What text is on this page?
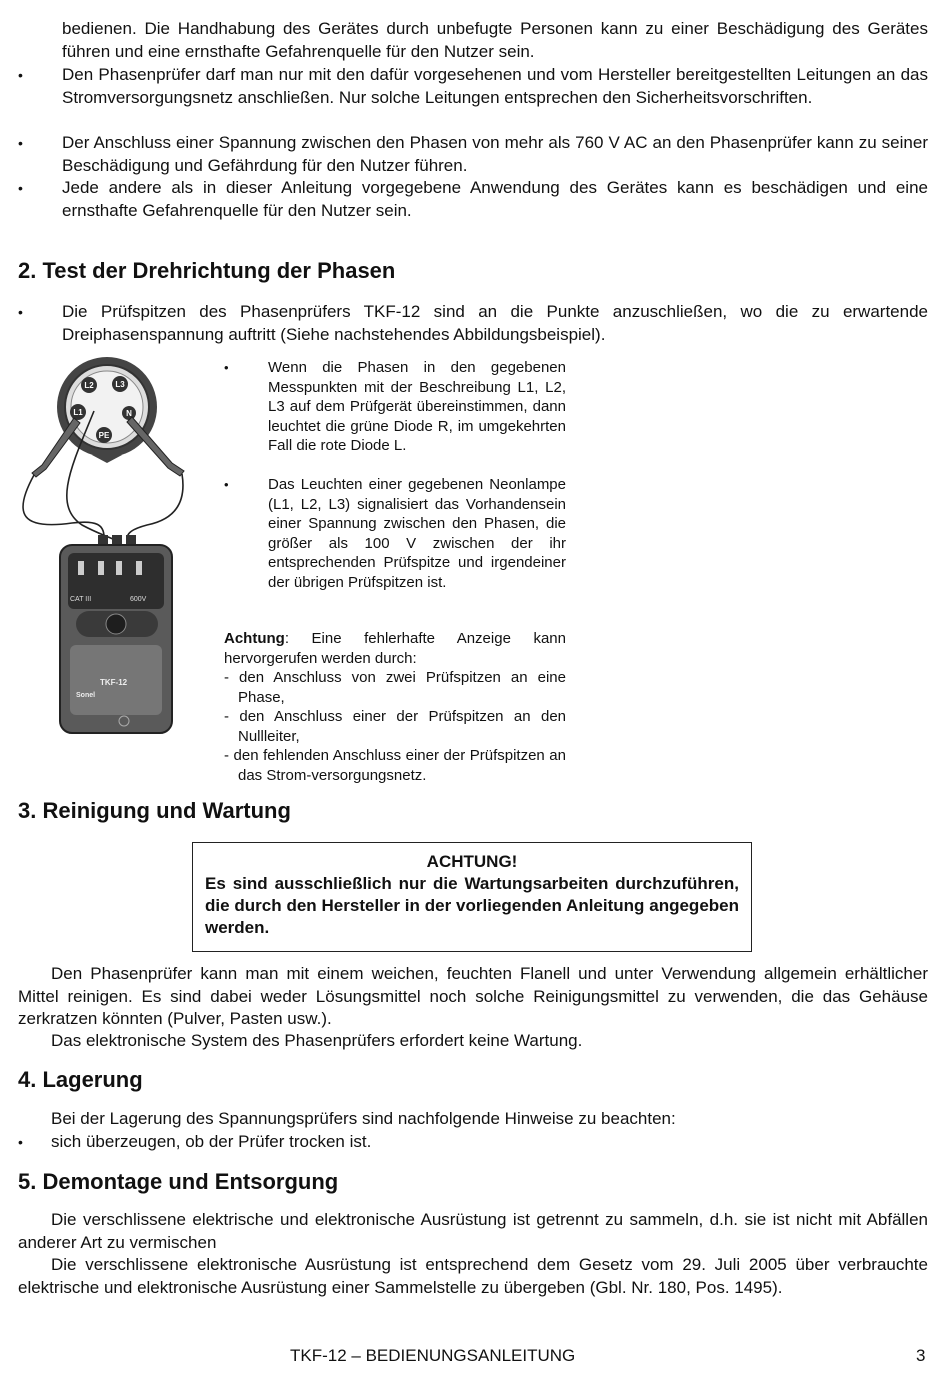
bedienen. Die Handhabung des Gerätes durch unbefugte Personen kann zu einer Beschädigung des Gerätes führen und eine ernsthafte Gefahrenquelle für den Nutzer sein.

•	Den Phasenprüfer darf man nur mit den dafür vorgesehenen und vom Hersteller bereitgestellten Leitungen an das Stromversorgungsnetz anschließen. Nur solche Leitungen entsprechen den Sicherheitsvorschriften.

•	Der Anschluss einer Spannung zwischen den Phasen von mehr als 760 V AC an den Phasenprüfer kann zu seiner Beschädigung und Gefährdung für den Nutzer führen.

•	Jede andere als in dieser Anleitung vorgegebene Anwendung des Gerätes kann es beschädigen und eine ernsthafte Gefahrenquelle für den Nutzer sein.

2. Test der Drehrichtung der Phasen
•	Die Prüfspitzen des Phasenprüfers TKF-12 sind an die Punkte anzuschließen, wo die zu erwartende Dreiphasenspannung auftritt (Siehe nachstehendes Abbildungsbeispiel).

L2	L3
L1	N
PE
CAT III	600V
TKF-12
Sonel
•	Wenn die Phasen in den gegebenen Messpunkten mit der Beschreibung L1, L2, L3 auf dem Prüfgerät übereinstimmen, dann leuchtet die grüne Diode R, im umgekehrten Fall die rote Diode L.

•	Das Leuchten einer gegebenen Neonlampe (L1, L2, L3) signalisiert das Vorhandensein einer Spannung zwischen den Phasen, die größer als 100 V zwischen der ihr entsprechenden Prüfspitze und irgendeiner der übrigen Prüfspitzen ist.

Achtung: Eine fehlerhafte Anzeige kann hervorgerufen werden durch:

- den Anschluss von zwei Prüfspitzen an eine Phase,
- den Anschluss einer der Prüfspitzen an den Nullleiter,
- den fehlenden Anschluss einer der Prüfspitzen an das Strom-versorgungsnetz.
3. Reinigung und Wartung

ACHTUNG!

Es sind ausschließlich nur die Wartungsarbeiten durchzuführen, die durch den Hersteller in der vorliegenden Anleitung angegeben werden.

Den Phasenprüfer kann man mit einem weichen, feuchten Flanell und unter Verwendung allgemein erhältlicher Mittel reinigen. Es sind dabei weder Lösungsmittel noch solche Reinigungsmittel zu verwenden, die das Gehäuse zerkratzen könnten (Pulver, Pasten usw.).

Das elektronische System des Phasenprüfers erfordert keine Wartung.

4. Lagerung

Bei der Lagerung des Spannungsprüfers sind nachfolgende Hinweise zu beachten:

• sich überzeugen, ob der Prüfer trocken ist.

5. Demontage und Entsorgung

Die verschlissene elektrische und elektronische Ausrüstung ist getrennt zu sammeln, d.h. sie ist nicht mit Abfällen anderer Art zu vermischen

Die verschlissene elektronische Ausrüstung ist entsprechend dem Gesetz vom 29. Juli 2005 über verbrauchte elektrische und elektronische Ausrüstung einer Sammelstelle zu übergeben (Gbl. Nr. 180, Pos. 1495).

TKF-12 – BEDIENUNGSANLEITUNG	3
